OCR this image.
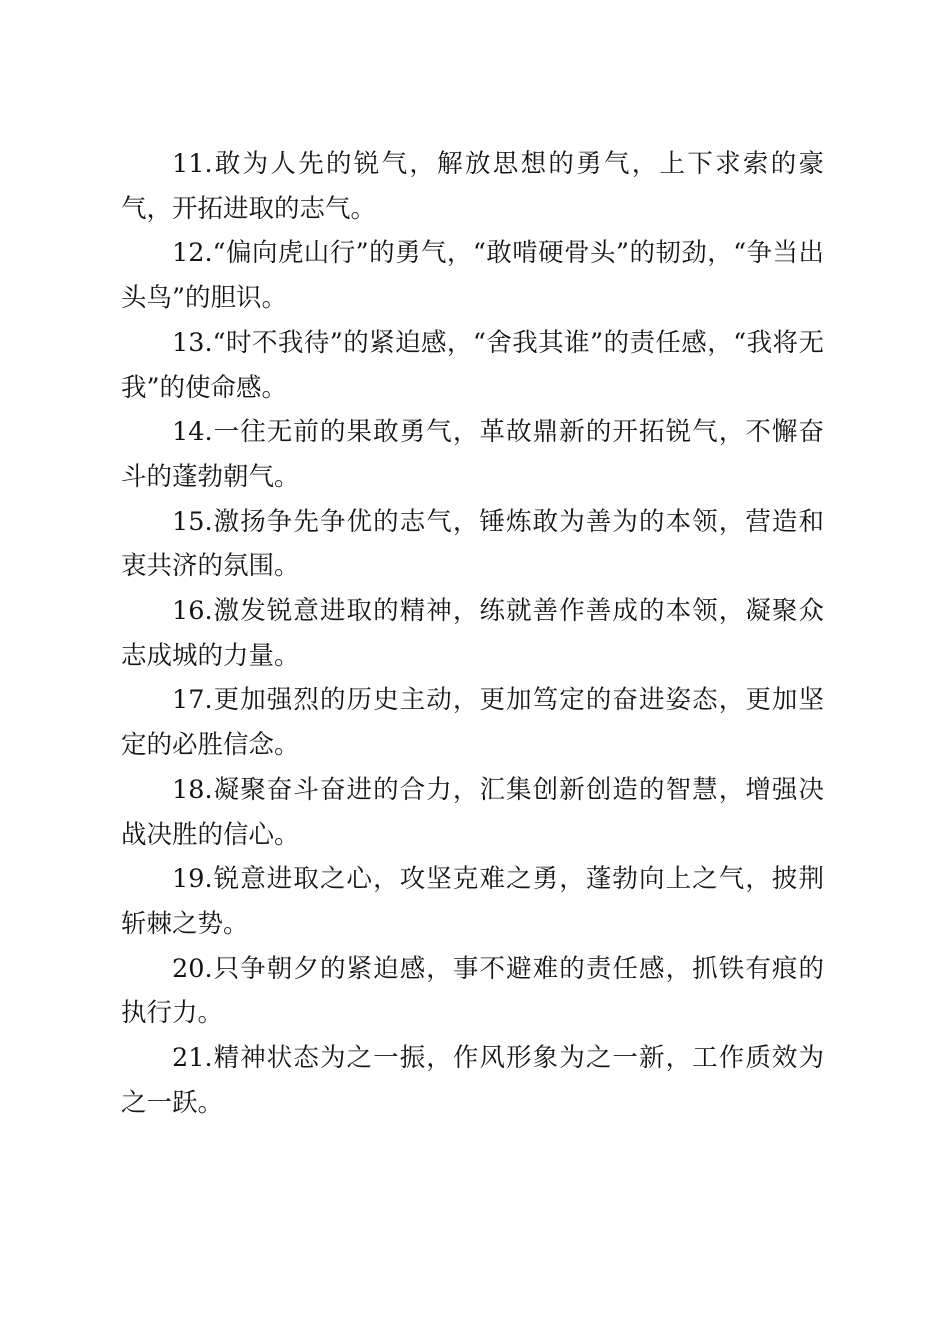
11.敢为人先的锐气，解放思想的勇气，上下求索的豪气，开拓进取的志气。

12.“偏向虎山行”的勇气，“敢啃硬骨头”的韧劲，“争当出头鸟”的胆识。

13.“时不我待”的紧迫感，“舍我其谁”的责任感，“我将无我”的使命感。

14.一往无前的果敢勇气，革故鼎新的开拓锐气，不懈奋斗的蓬勃朝气。

15.激扬争先争优的志气，锤炼敢为善为的本领，营造和衷共济的氛围。

16.激发锐意进取的精神，练就善作善成的本领，凝聚众志成城的力量。

17.更加强烈的历史主动，更加笃定的奋进姿态，更加坚定的必胜信念。

18.凝聚奋斗奋进的合力，汇集创新创造的智慧，增强决战决胜的信心。

19.锐意进取之心，攻坚克难之勇，蓬勃向上之气，披荆斩棘之势。

20.只争朝夕的紧迫感，事不避难的责任感，抓铁有痕的执行力。

21.精神状态为之一振，作风形象为之一新，工作质效为之一跃。
